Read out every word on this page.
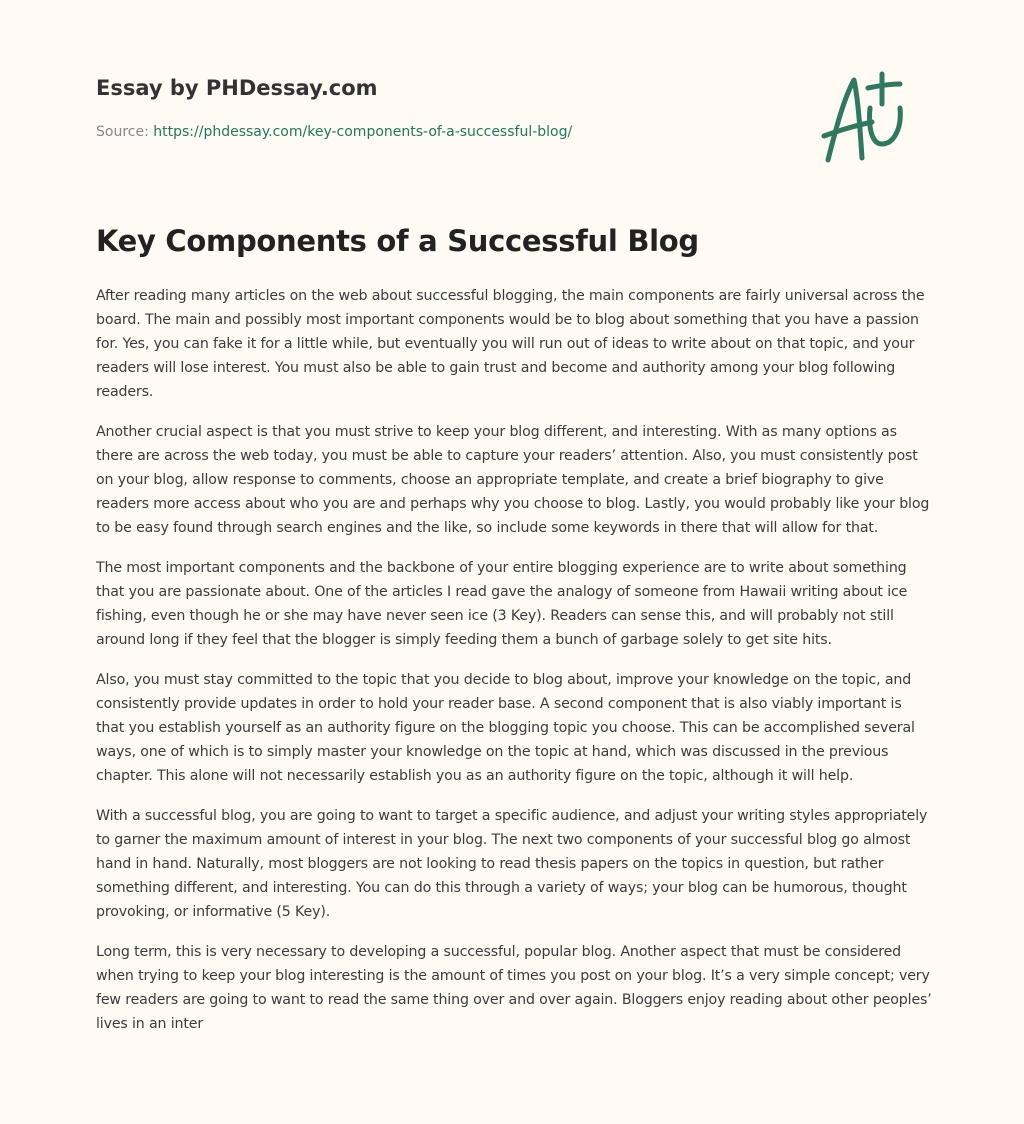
Essay by PHDessay.com
Source: https://phdessay.com/key-components-of-a-successful-blog/
Key Components of a Successful Blog

After reading many articles on the web about successful blogging, the main components are fairly universal across the board. The main and possibly most important components would be to blog about something that you have a passion for. Yes, you can fake it for a little while, but eventually you will run out of ideas to write about on that topic, and your readers will lose interest. You must also be able to gain trust and become and authority among your blog following readers.

Another crucial aspect is that you must strive to keep your blog different, and interesting. With as many options as there are across the web today, you must be able to capture your readers’ attention. Also, you must consistently post on your blog, allow response to comments, choose an appropriate template, and create a brief biography to give readers more access about who you are and perhaps why you choose to blog. Lastly, you would probably like your blog to be easy found through search engines and the like, so include some keywords in there that will allow for that.

The most important components and the backbone of your entire blogging experience are to write about something that you are passionate about. One of the articles I read gave the analogy of someone from Hawaii writing about ice fishing, even though he or she may have never seen ice (3 Key). Readers can sense this, and will probably not still around long if they feel that the blogger is simply feeding them a bunch of garbage solely to get site hits.

Also, you must stay committed to the topic that you decide to blog about, improve your knowledge on the topic, and consistently provide updates in order to hold your reader base. A second component that is also viably important is that you establish yourself as an authority figure on the blogging topic you choose. This can be accomplished several ways, one of which is to simply master your knowledge on the topic at hand, which was discussed in the previous chapter. This alone will not necessarily establish you as an authority figure on the topic, although it will help.

With a successful blog, you are going to want to target a specific audience, and adjust your writing styles appropriately to garner the maximum amount of interest in your blog. The next two components of your successful blog go almost hand in hand. Naturally, most bloggers are not looking to read thesis papers on the topics in question, but rather something different, and interesting. You can do this through a variety of ways; your blog can be humorous, thought provoking, or informative (5 Key).

Long term, this is very necessary to developing a successful, popular blog. Another aspect that must be considered when trying to keep your blog interesting is the amount of times you post on your blog. It’s a very simple concept; very few readers are going to want to read the same thing over and over again. Bloggers enjoy reading about other peoples’ lives in an inter
